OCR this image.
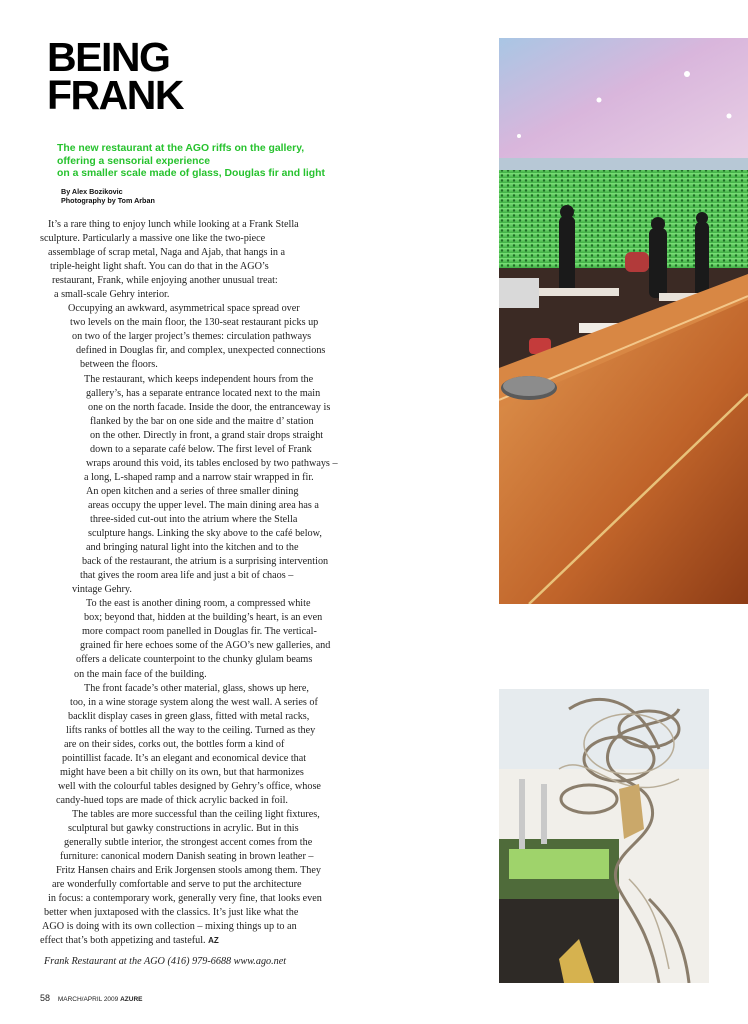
BEING
FRANK
The new restaurant at the AGO riffs on the gallery,
offering a sensorial experience
on a smaller scale made of glass, Douglas fir and light
By Alex Bozikovic
Photography by Tom Arban
It’s a rare thing to enjoy lunch while looking at a Frank Stella
sculpture. Particularly a massive one like the two-piece
assemblage of scrap metal, Naga and Ajab, that hangs in a
triple-height light shaft. You can do that in the AGO’s
restaurant, Frank, while enjoying another unusual treat:
a small-scale Gehry interior.
Occupying an awkward, asymmetrical space spread over
two levels on the main floor, the 130-seat restaurant picks up
on two of the larger project’s themes: circulation pathways
defined in Douglas fir, and complex, unexpected connections
between the floors.
The restaurant, which keeps independent hours from the
gallery’s, has a separate entrance located next to the main
one on the north facade. Inside the door, the entranceway is
flanked by the bar on one side and the maitre d’ station
on the other. Directly in front, a grand stair drops straight
down to a separate café below. The first level of Frank
wraps around this void, its tables enclosed by two pathways –
a long, L-shaped ramp and a narrow stair wrapped in fir.
An open kitchen and a series of three smaller dining
areas occupy the upper level. The main dining area has a
three-sided cut-out into the atrium where the Stella
sculpture hangs. Linking the sky above to the café below,
and bringing natural light into the kitchen and to the
back of the restaurant, the atrium is a surprising intervention
that gives the room area life and just a bit of chaos –
vintage Gehry.
To the east is another dining room, a compressed white
box; beyond that, hidden at the building’s heart, is an even
more compact room panelled in Douglas fir. The vertical-
grained fir here echoes some of the AGO’s new galleries, and
offers a delicate counterpoint to the chunky glulam beams
on the main face of the building.
The front facade’s other material, glass, shows up here,
too, in a wine storage system along the west wall. A series of
backlit display cases in green glass, fitted with metal racks,
lifts ranks of bottles all the way to the ceiling. Turned as they
are on their sides, corks out, the bottles form a kind of
pointillist facade. It’s an elegant and economical device that
might have been a bit chilly on its own, but that harmonizes
well with the colourful tables designed by Gehry’s office, whose
candy-hued tops are made of thick acrylic backed in foil.
The tables are more successful than the ceiling light fixtures,
sculptural but gawky constructions in acrylic. But in this
generally subtle interior, the strongest accent comes from the
furniture: canonical modern Danish seating in brown leather –
Fritz Hansen chairs and Erik Jorgensen stools among them. They
are wonderfully comfortable and serve to put the architecture
in focus: a contemporary work, generally very fine, that looks even
better when juxtaposed with the classics. It’s just like what the
AGO is doing with its own collection – mixing things up to an
effect that’s both appetizing and tasteful. AZ
Frank Restaurant at the AGO (416) 979-6688 www.ago.net
58 MARCH/APRIL 2009 AZURE
